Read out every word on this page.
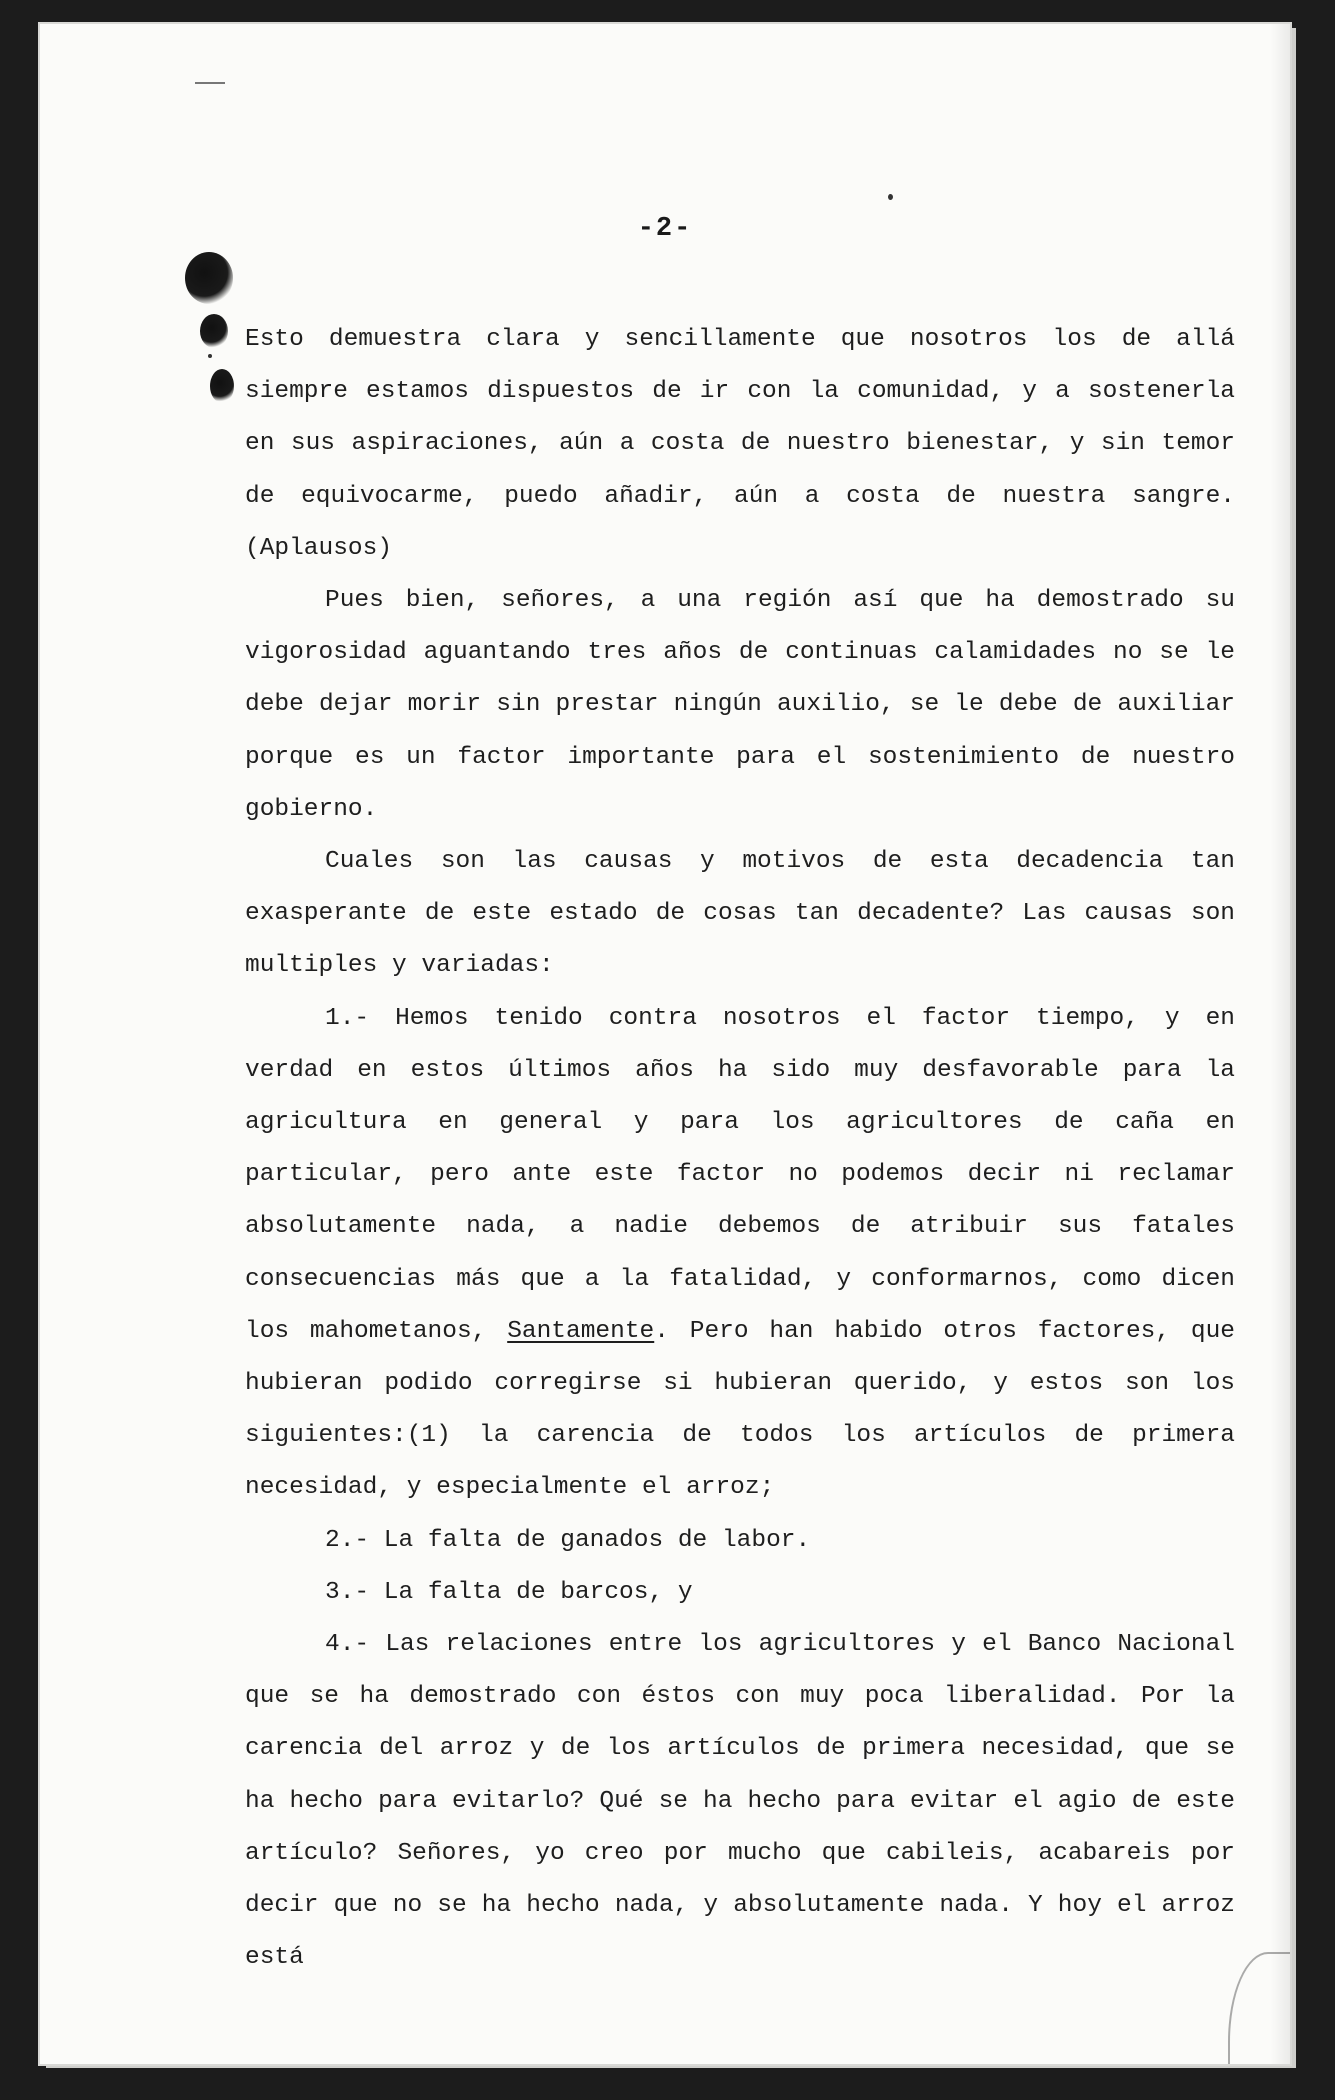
-2-

Esto demuestra clara y sencillamente que nosotros los de allá siempre estamos dispuestos de ir con la comunidad, y a sostenerla en sus aspiraciones, aún a costa de nuestro bienestar, y sin temor de equivocarme, puedo añadir, aún a costa de nuestra sangre. (Aplausos)

Pues bien, señores, a una región así que ha demostrado su vigorosidad aguantando tres años de continuas calamidades no se le debe dejar morir sin prestar ningún auxilio, se le debe de auxiliar porque es un factor importante para el sostenimiento de nuestro gobierno.

Cuales son las causas y motivos de esta decadencia tan exasperante de este estado de cosas tan decadente? Las causas son multiples y variadas:

1.- Hemos tenido contra nosotros el factor tiempo, y en verdad en estos últimos años ha sido muy desfavorable para la agricultura en general y para los agricultores de caña en particular, pero ante este factor no podemos decir ni reclamar absolutamente nada, a nadie debemos de atribuir sus fatales consecuencias más que a la fatalidad, y conformarnos, como dicen los mahometanos, Santamente. Pero han habido otros factores, que hubieran podido corregirse si hubieran querido, y estos son los siguientes:(1) la carencia de todos los artículos de primera necesidad, y especialmente el arroz;

2.- La falta de ganados de labor.

3.- La falta de barcos, y

4.- Las relaciones entre los agricultores y el Banco Nacional que se ha demostrado con éstos con muy poca liberalidad. Por la carencia del arroz y de los artículos de primera necesidad, que se ha hecho para evitarlo? Qué se ha hecho para evitar el agio de este artículo? Señores, yo creo por mucho que cabileis, acabareis por decir que no se ha hecho nada, y absolutamente nada. Y hoy el arroz está
